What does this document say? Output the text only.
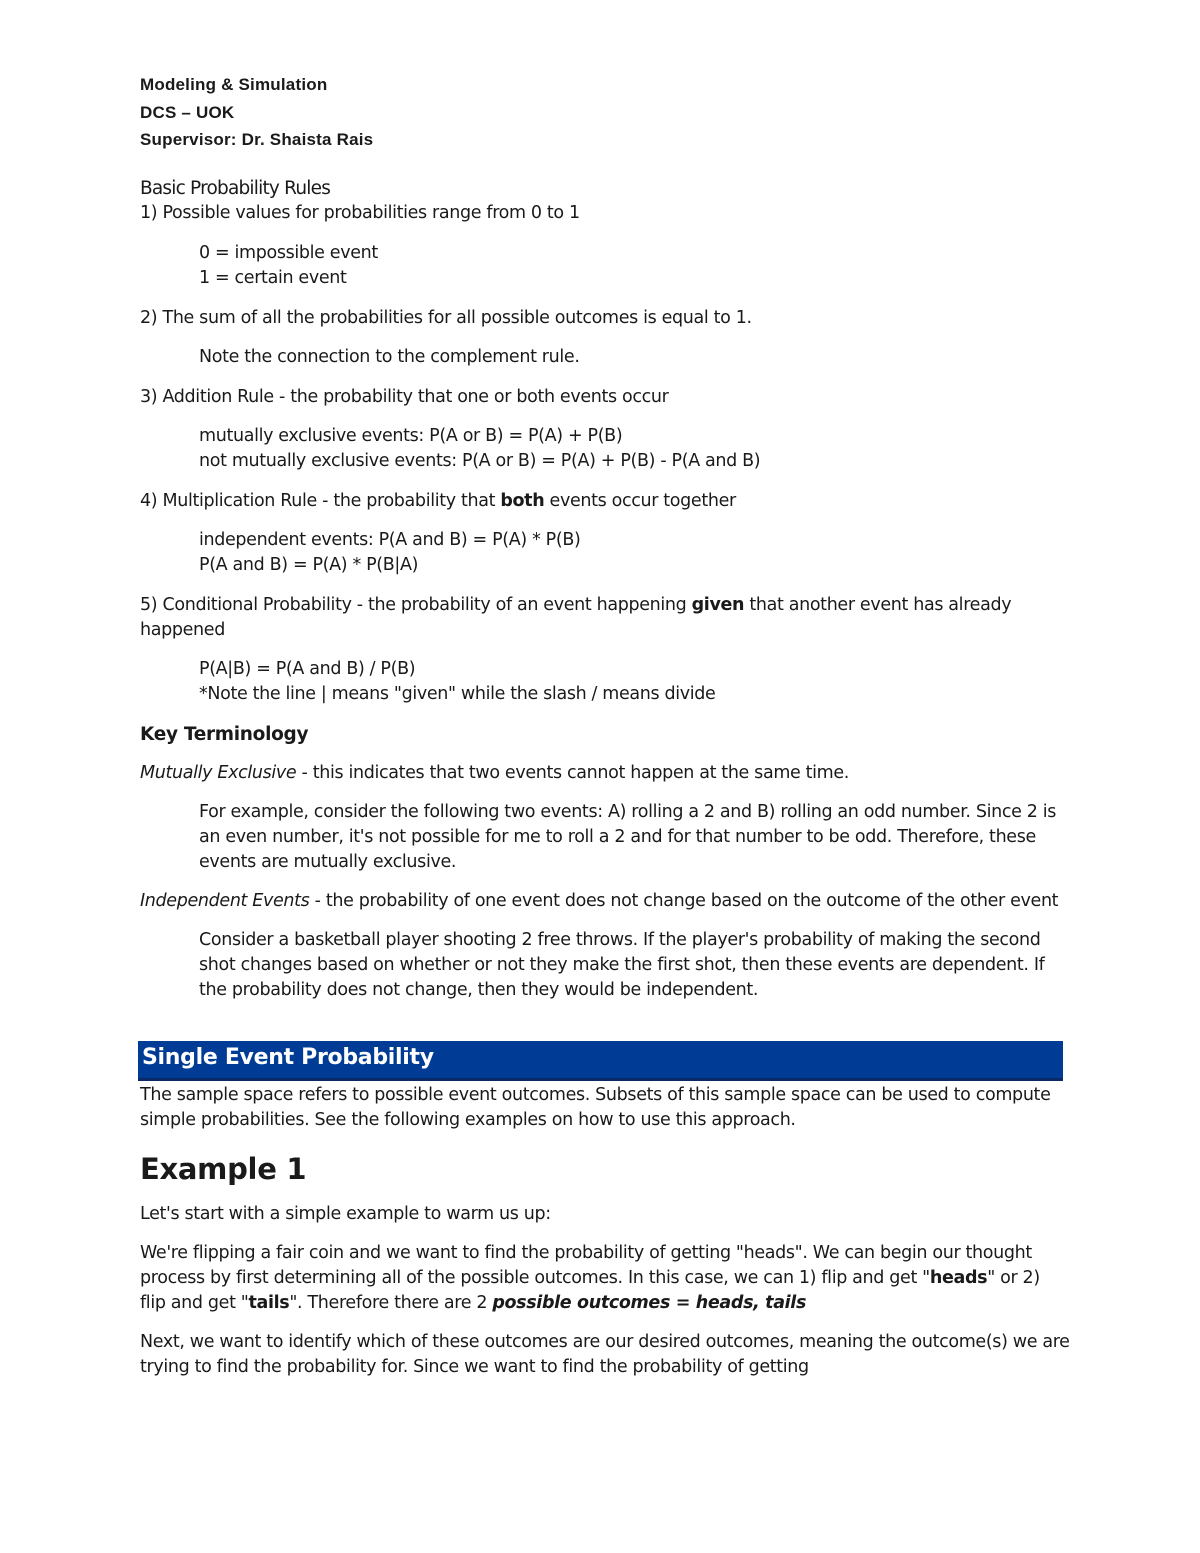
Modeling & Simulation
DCS – UOK
Supervisor: Dr. Shaista Rais

Basic Probability Rules

1) Possible values for probabilities range from 0 to 1

0 = impossible event

1 = certain event

2) The sum of all the probabilities for all possible outcomes is equal to 1.

Note the connection to the complement rule.

3) Addition Rule - the probability that one or both events occur

mutually exclusive events: P(A or B) = P(A) + P(B)

not mutually exclusive events: P(A or B) = P(A) + P(B) - P(A and B)

4) Multiplication Rule - the probability that both events occur together

independent events: P(A and B) = P(A) * P(B)

P(A and B) = P(A) * P(B|A)

5) Conditional Probability - the probability of an event happening given that another event has already happened

P(A|B) = P(A and B) / P(B)

*Note the line | means "given" while the slash / means divide

Key Terminology

Mutually Exclusive - this indicates that two events cannot happen at the same time.

For example, consider the following two events: A) rolling a 2 and B) rolling an odd number. Since 2 is an even number, it's not possible for me to roll a 2 and for that number to be odd. Therefore, these events are mutually exclusive.

Independent Events - the probability of one event does not change based on the outcome of the other event

Consider a basketball player shooting 2 free throws. If the player's probability of making the second shot changes based on whether or not they make the first shot, then these events are dependent. If the probability does not change, then they would be independent.

Single Event Probability

The sample space refers to possible event outcomes. Subsets of this sample space can be used to compute simple probabilities. See the following examples on how to use this approach.

Example 1

Let's start with a simple example to warm us up:

We're flipping a fair coin and we want to find the probability of getting "heads". We can begin our thought process by first determining all of the possible outcomes. In this case, we can 1) flip and get "heads" or 2) flip and get "tails". Therefore there are 2 possible outcomes = heads, tails

Next, we want to identify which of these outcomes are our desired outcomes, meaning the outcome(s) we are trying to find the probability for. Since we want to find the probability of getting
